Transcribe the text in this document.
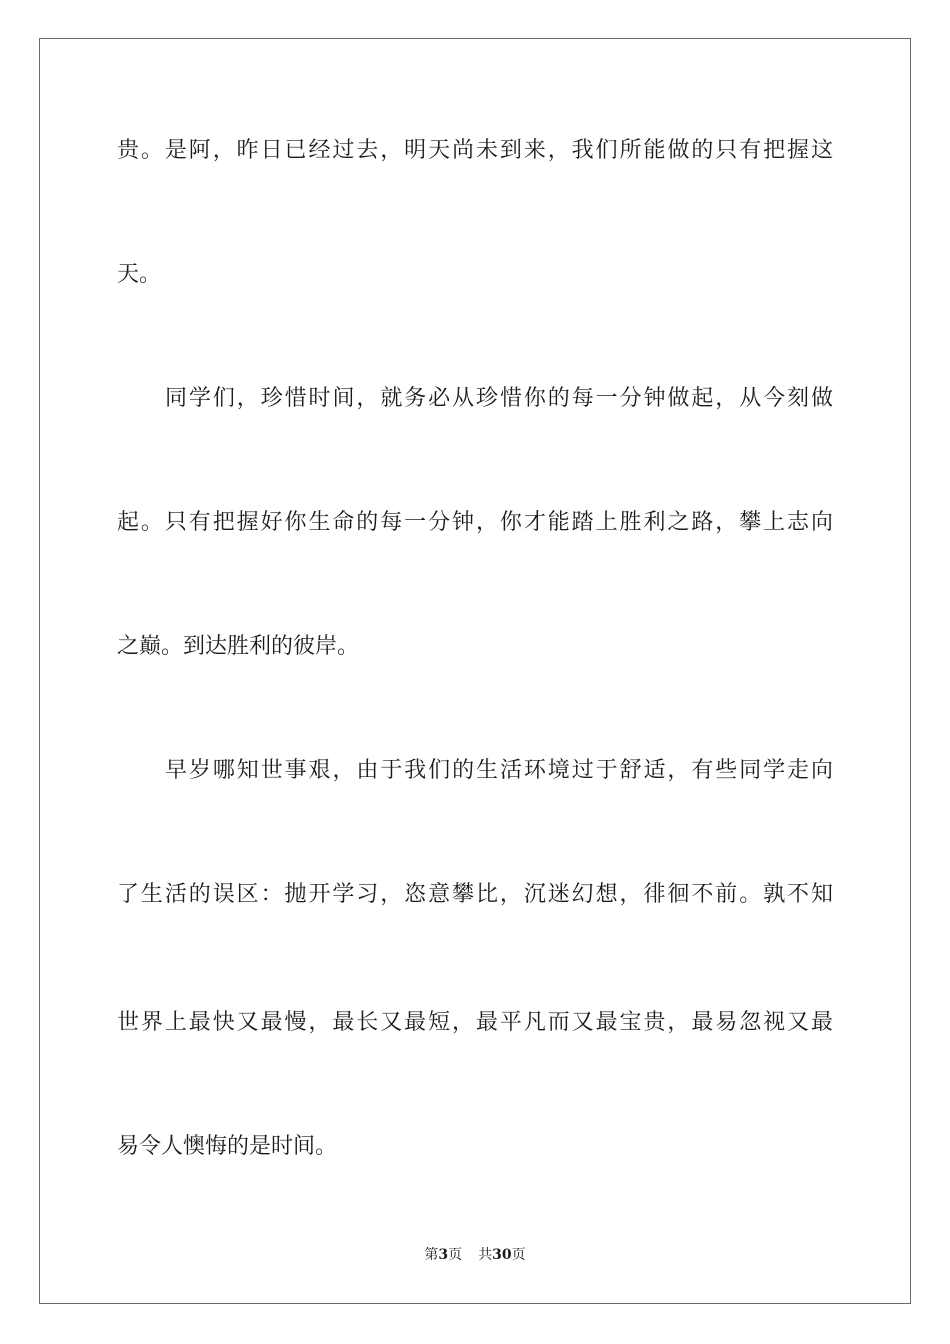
贵。是阿，昨日已经过去，明天尚未到来，我们所能做的只有把握这
天。
同学们，珍惜时间，就务必从珍惜你的每一分钟做起，从今刻做
起。只有把握好你生命的每一分钟，你才能踏上胜利之路，攀上志向
之巅。到达胜利的彼岸。
早岁哪知世事艰，由于我们的生活环境过于舒适，有些同学走向
了生活的误区：抛开学习，恣意攀比，沉迷幻想，徘徊不前。孰不知
世界上最快又最慢，最长又最短，最平凡而又最宝贵，最易忽视又最
易令人懊悔的是时间。
第3页 共30页
